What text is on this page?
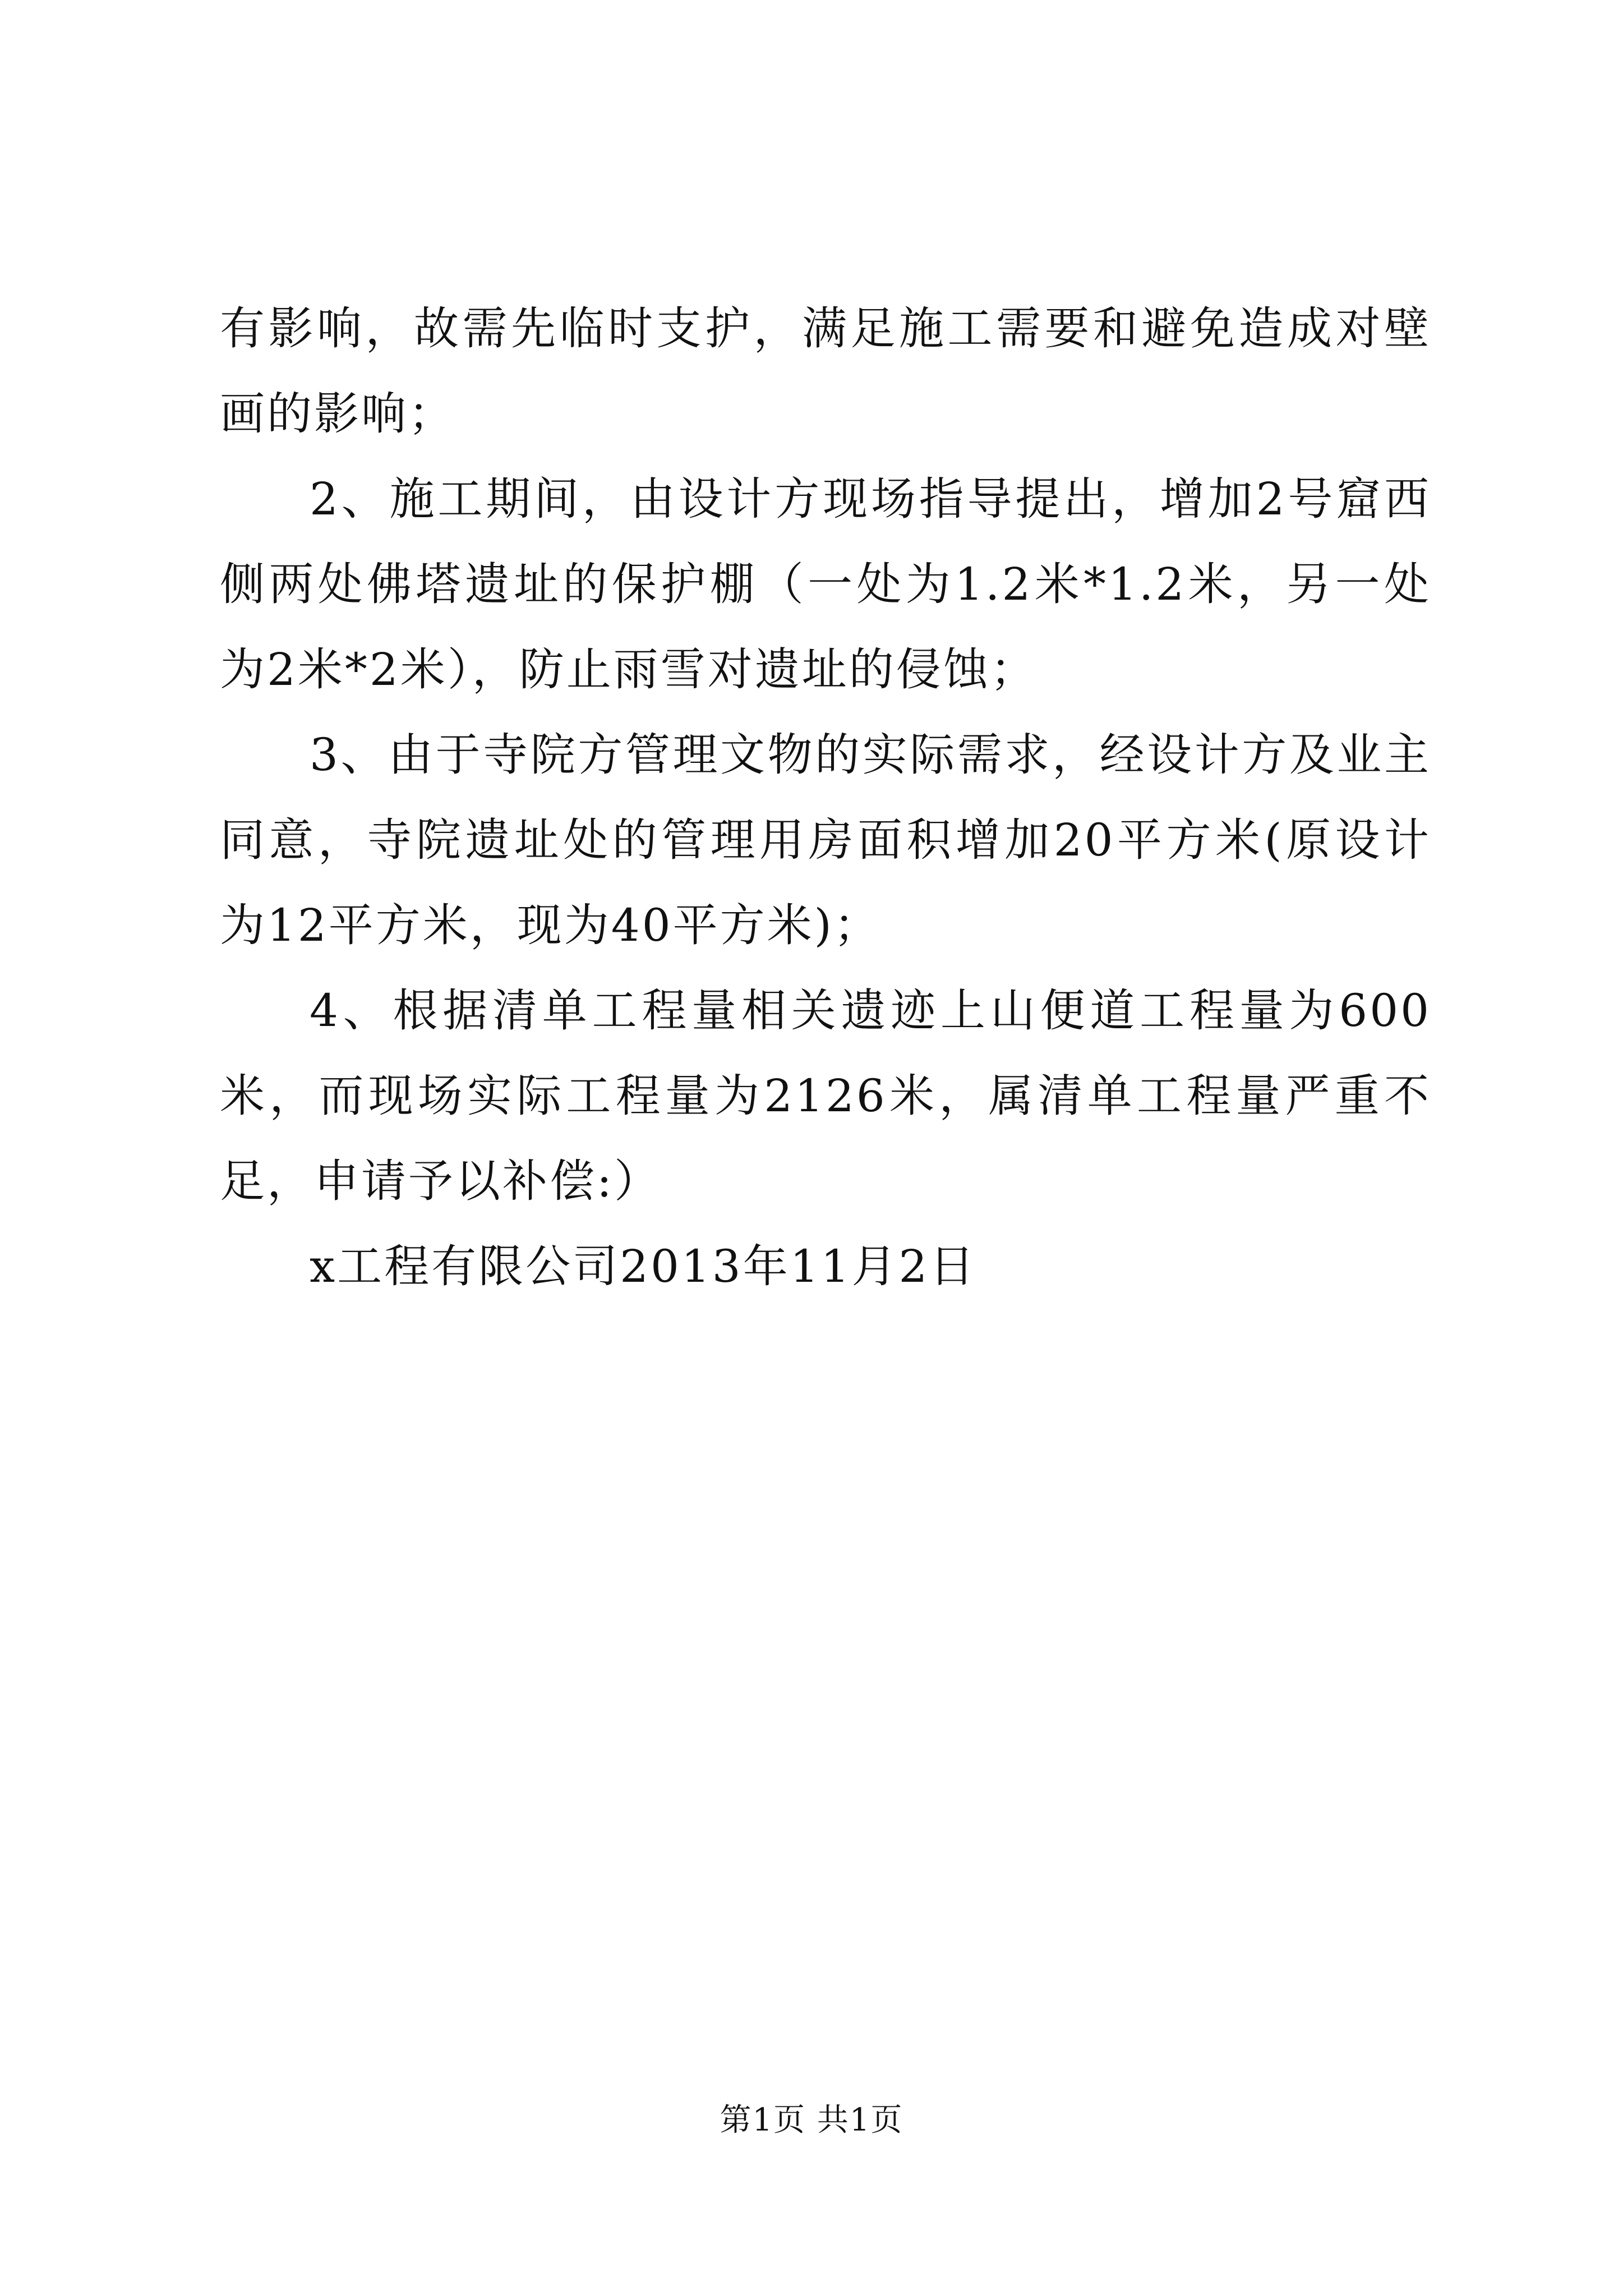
有影响，故需先临时支护，满足施工需要和避免造成对壁画的影响；

2、施工期间，由设计方现场指导提出，增加2号窟西侧两处佛塔遗址的保护棚（一处为1.2米*1.2米，另一处为2米*2米），防止雨雪对遗址的侵蚀；

3、由于寺院方管理文物的实际需求，经设计方及业主同意，寺院遗址处的管理用房面积增加20平方米(原设计为12平方米，现为40平方米)；

4、根据清单工程量相关遗迹上山便道工程量为600米，而现场实际工程量为2126米，属清单工程量严重不足，申请予以补偿:）

x工程有限公司2013年11月2日

第1页 共1页
